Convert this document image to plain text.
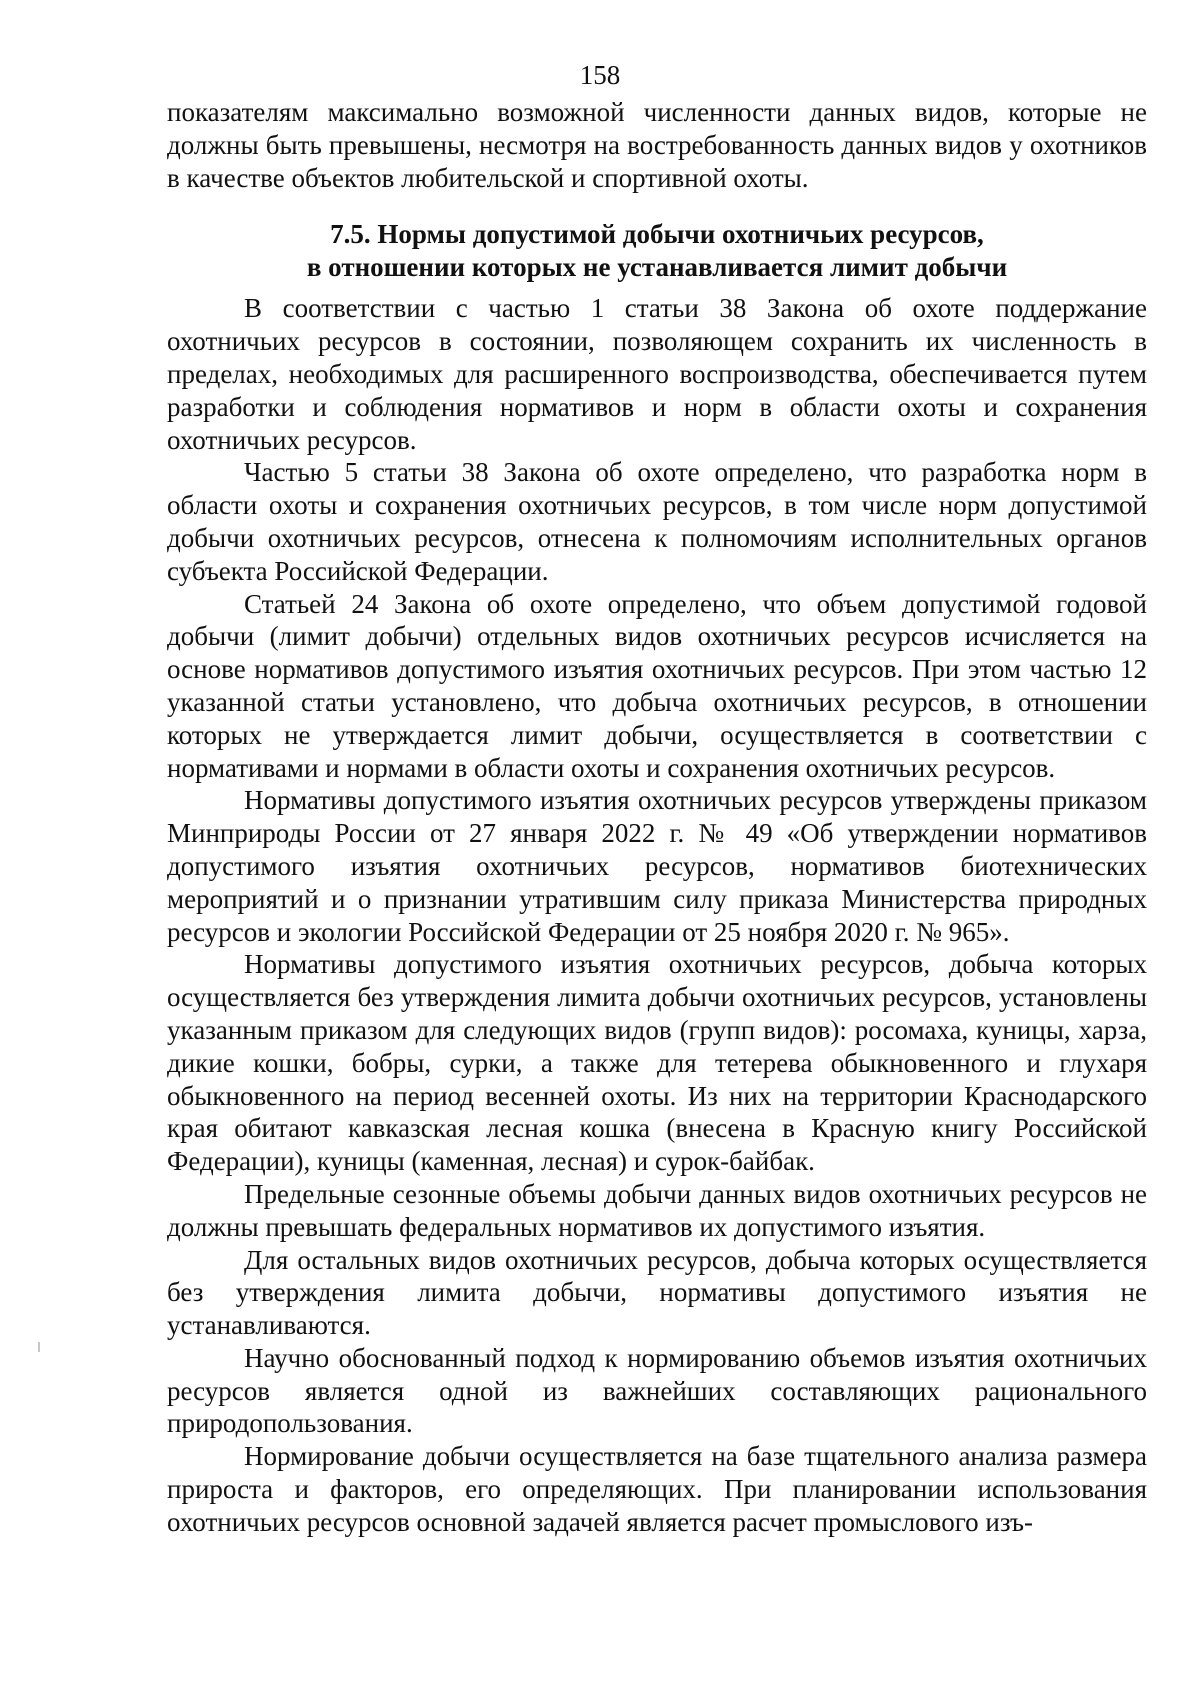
158

показателям максимально возможной численности данных видов, которые не должны быть превышены, несмотря на востребованность данных видов у охотников в качестве объектов любительской и спортивной охоты.

7.5. Нормы допустимой добычи охотничьих ресурсов,
в отношении которых не устанавливается лимит добычи

В соответствии с частью 1 статьи 38 Закона об охоте поддержание охотничьих ресурсов в состоянии, позволяющем сохранить их численность в пределах, необходимых для расширенного воспроизводства, обеспечивается путем разработки и соблюдения нормативов и норм в области охоты и сохранения охотничьих ресурсов.

Частью 5 статьи 38 Закона об охоте определено, что разработка норм в области охоты и сохранения охотничьих ресурсов, в том числе норм допустимой добычи охотничьих ресурсов, отнесена к полномочиям исполнительных органов субъекта Российской Федерации.

Статьей 24 Закона об охоте определено, что объем допустимой годовой добычи (лимит добычи) отдельных видов охотничьих ресурсов исчисляется на основе нормативов допустимого изъятия охотничьих ресурсов. При этом частью 12 указанной статьи установлено, что добыча охотничьих ресурсов, в отношении которых не утверждается лимит добычи, осуществляется в соответствии с нормативами и нормами в области охоты и сохранения охотничьих ресурсов.

Нормативы допустимого изъятия охотничьих ресурсов утверждены приказом Минприроды России от 27 января 2022 г. № 49 «Об утверждении нормативов допустимого изъятия охотничьих ресурсов, нормативов биотехнических мероприятий и о признании утратившим силу приказа Министерства природных ресурсов и экологии Российской Федерации от 25 ноября 2020 г. № 965».

Нормативы допустимого изъятия охотничьих ресурсов, добыча которых осуществляется без утверждения лимита добычи охотничьих ресурсов, установлены указанным приказом для следующих видов (групп видов): росомаха, куницы, харза, дикие кошки, бобры, сурки, а также для тетерева обыкновенного и глухаря обыкновенного на период весенней охоты. Из них на территории Краснодарского края обитают кавказская лесная кошка (внесена в Красную книгу Российской Федерации), куницы (каменная, лесная) и сурок-байбак.

Предельные сезонные объемы добычи данных видов охотничьих ресурсов не должны превышать федеральных нормативов их допустимого изъятия.

Для остальных видов охотничьих ресурсов, добыча которых осуществляется без утверждения лимита добычи, нормативы допустимого изъятия не устанавливаются.

Научно обоснованный подход к нормированию объемов изъятия охотничьих ресурсов является одной из важнейших составляющих рационального природопользования.

Нормирование добычи осуществляется на базе тщательного анализа размера прироста и факторов, его определяющих. При планировании использования охотничьих ресурсов основной задачей является расчет промыслового изъ-
